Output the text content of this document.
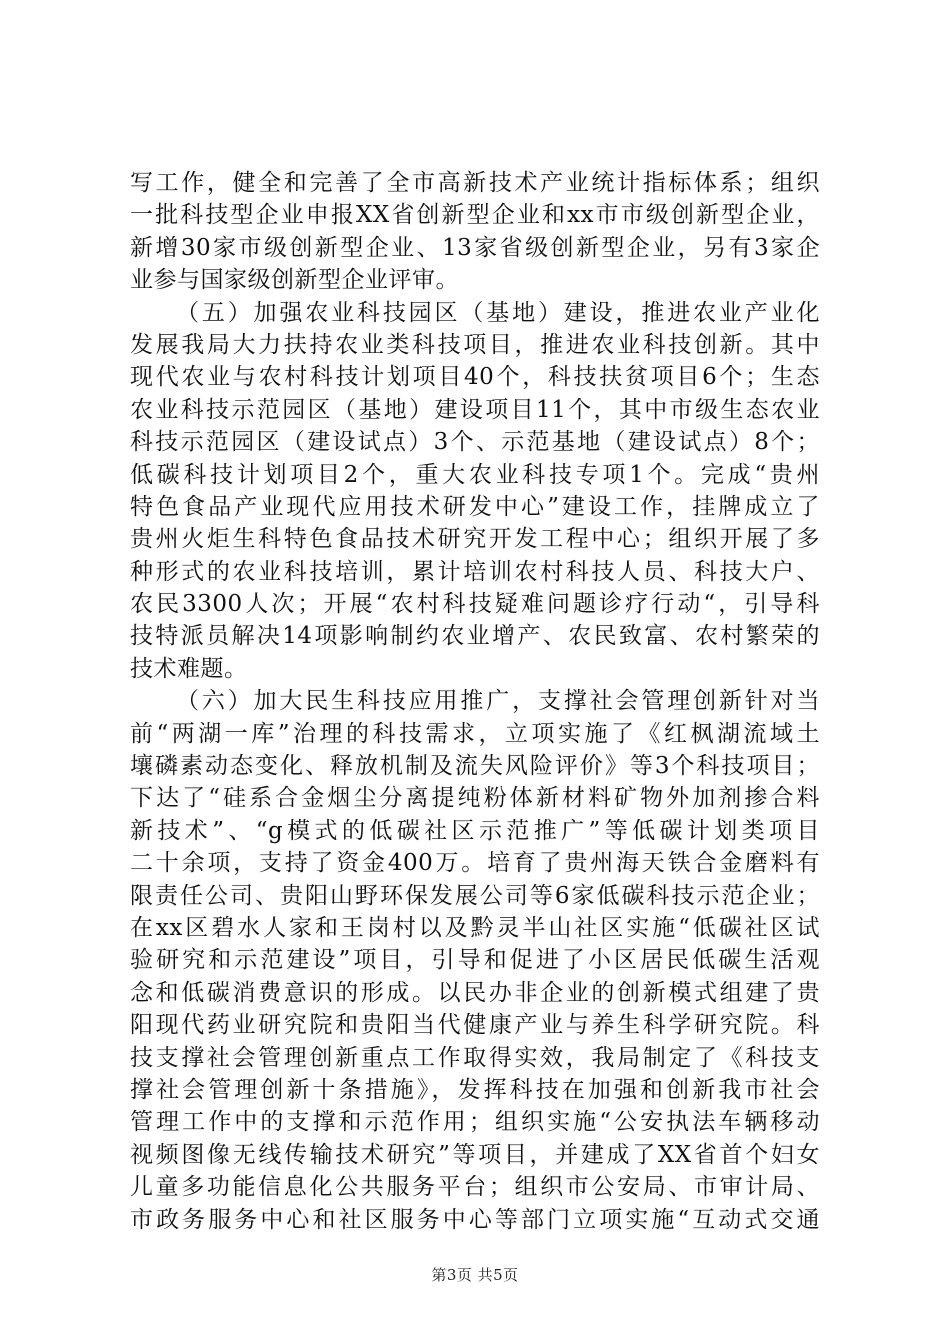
写工作，健全和完善了全市高新技术产业统计指标体系；组织
一批科技型企业申报XX省创新型企业和xx市市级创新型企业，
新增30家市级创新型企业、13家省级创新型企业，另有3家企
业参与国家级创新型企业评审。
（五）加强农业科技园区（基地）建设，推进农业产业化
发展我局大力扶持农业类科技项目，推进农业科技创新。其中
现代农业与农村科技计划项目40个，科技扶贫项目6个；生态
农业科技示范园区（基地）建设项目11个，其中市级生态农业
科技示范园区（建设试点）3个、示范基地（建设试点）8个；
低碳科技计划项目2个，重大农业科技专项1个。完成“贵州
特色食品产业现代应用技术研发中心”建设工作，挂牌成立了
贵州火炬生科特色食品技术研究开发工程中心；组织开展了多
种形式的农业科技培训，累计培训农村科技人员、科技大户、
农民3300人次；开展“农村科技疑难问题诊疗行动“，引导科
技特派员解决14项影响制约农业增产、农民致富、农村繁荣的
技术难题。
（六）加大民生科技应用推广，支撑社会管理创新针对当
前“两湖一库”治理的科技需求，立项实施了《红枫湖流域土
壤磷素动态变化、释放机制及流失风险评价》等3个科技项目；
下达了“硅系合金烟尘分离提纯粉体新材料矿物外加剂掺合料
新技术”、“g模式的低碳社区示范推广”等低碳计划类项目
二十余项，支持了资金400万。培育了贵州海天铁合金磨料有
限责任公司、贵阳山野环保发展公司等6家低碳科技示范企业；
在xx区碧水人家和王岗村以及黔灵半山社区实施“低碳社区试
验研究和示范建设”项目，引导和促进了小区居民低碳生活观
念和低碳消费意识的形成。以民办非企业的创新模式组建了贵
阳现代药业研究院和贵阳当代健康产业与养生科学研究院。科
技支撑社会管理创新重点工作取得实效，我局制定了《科技支
撑社会管理创新十条措施》，发挥科技在加强和创新我市社会
管理工作中的支撑和示范作用；组织实施“公安执法车辆移动
视频图像无线传输技术研究”等项目，并建成了XX省首个妇女
儿童多功能信息化公共服务平台；组织市公安局、市审计局、
市政务服务中心和社区服务中心等部门立项实施“互动式交通
第3页 共5页
